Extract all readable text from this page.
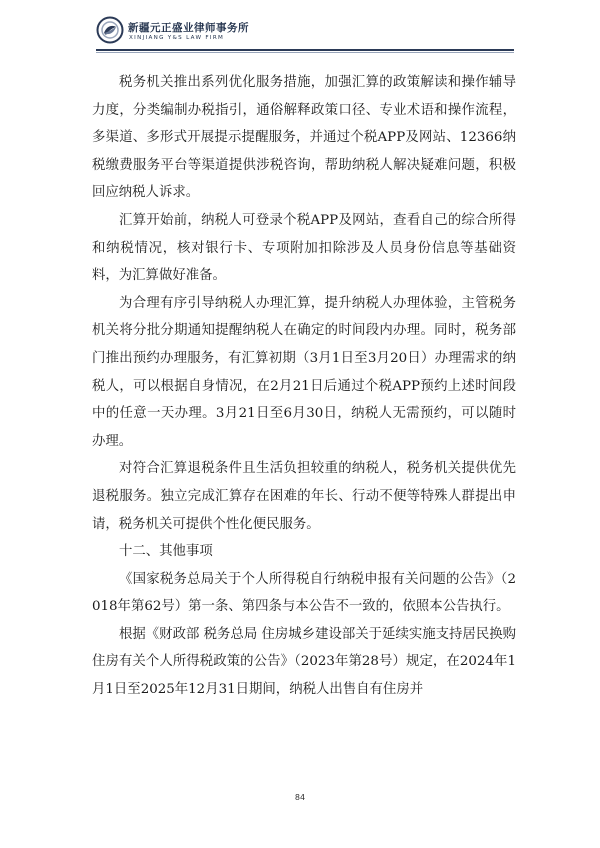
新疆元正盛业律师事务所
XINJIANG Y&S LAW FIRM

税务机关推出系列优化服务措施，加强汇算的政策解读和操作辅导力度，分类编制办税指引，通俗解释政策口径、专业术语和操作流程，多渠道、多形式开展提示提醒服务，并通过个税APP及网站、12366纳税缴费服务平台等渠道提供涉税咨询，帮助纳税人解决疑难问题，积极回应纳税人诉求。

汇算开始前，纳税人可登录个税APP及网站，查看自己的综合所得和纳税情况，核对银行卡、专项附加扣除涉及人员身份信息等基础资料，为汇算做好准备。

为合理有序引导纳税人办理汇算，提升纳税人办理体验，主管税务机关将分批分期通知提醒纳税人在确定的时间段内办理。同时，税务部门推出预约办理服务，有汇算初期（3月1日至3月20日）办理需求的纳税人，可以根据自身情况，在2月21日后通过个税APP预约上述时间段中的任意一天办理。3月21日至6月30日，纳税人无需预约，可以随时办理。

对符合汇算退税条件且生活负担较重的纳税人，税务机关提供优先退税服务。独立完成汇算存在困难的年长、行动不便等特殊人群提出申请，税务机关可提供个性化便民服务。

十二、其他事项

《国家税务总局关于个人所得税自行纳税申报有关问题的公告》（2018年第62号）第一条、第四条与本公告不一致的，依照本公告执行。

根据《财政部 税务总局 住房城乡建设部关于延续实施支持居民换购住房有关个人所得税政策的公告》（2023年第28号）规定，在2024年1月1日至2025年12月31日期间，纳税人出售自有住房并

84
